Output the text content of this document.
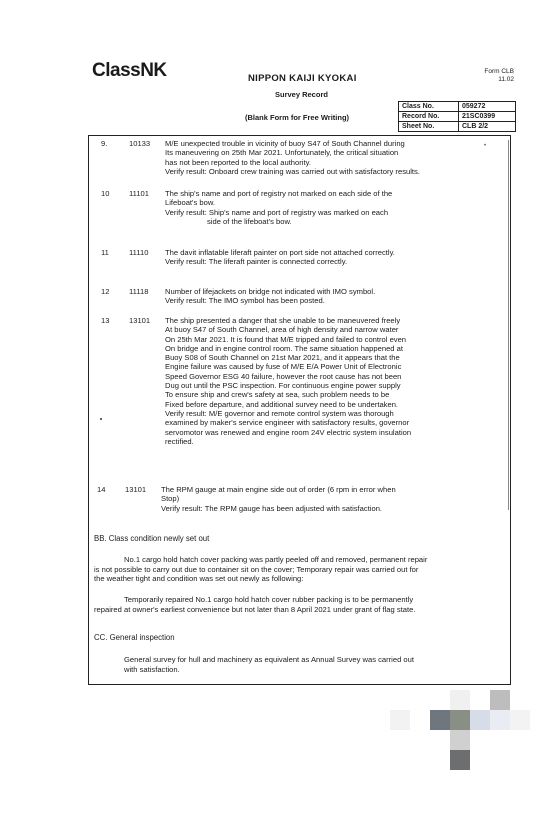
ClassNK	NIPPON KAIJI KYOKAI
Survey Record
(Blank Form for Free Writing)
Form CLB
11.02
Class No.	059272
Record No.	21SC0399
Sheet No.	CLB 2/2
•
9.	10133 M/E unexpected trouble in vicinity of buoy S47 of South Channel during
Its maneuvering on 25th Mar 2021. Unfortunately, the critical situation
has not been reported to the local authority.
Verify result: Onboard crew training was carried out with satisfactory results.
10	11101 The ship's name and port of registry not marked on each side of the
Lifeboat's bow.
Verify result: Ship's name and port of registry was marked on each
side of the lifeboat's bow.
11	11110 The davit inflatable liferaft painter on port side not attached correctly.
Verify result: The liferaft painter is connected correctly.
12	11118 Number of lifejackets on bridge not indicated with IMO symbol.
Verify result: The IMO symbol has been posted.
13	13101 The ship presented a danger that she unable to be maneuvered freely
At buoy S47 of South Channel, area of high density and narrow water
On 25th Mar 2021. It is found that M/E tripped and failed to control even
On bridge and in engine control room. The same situation happened at
Buoy S08 of South Channel on 21st Mar 2021, and it appears that the
Engine failure was caused by fuse of M/E E/A Power Unit of Electronic
Speed Governor ESG 40 failure, however the root cause has not been
Dug out until the PSC inspection. For continuous engine power supply
To ensure ship and crew's safety at sea, such problem needs to be
Fixed before departure, and additional survey need to be undertaken.
Verify result: M/E governor and remote control system was thorough
examined by maker's service engineer with satisfactory results, governor
servomotor was renewed and engine room 24V electric system insulation
rectified.
14	13101 The RPM gauge at main engine side out of order (6 rpm in error when
Stop)
Verify result: The RPM gauge has been adjusted with satisfaction.
BB. Class condition newly set out
No.1 cargo hold hatch cover packing was partly peeled off and removed, permanent repair
is not possible to carry out due to container sit on the cover; Temporary repair was carried out for
the weather tight and condition was set out newly as following:
Temporarily repaired No.1 cargo hold hatch cover rubber packing is to be permanently
repaired at owner's earliest convenience but not later than 8 April 2021 under grant of flag state.
CC. General inspection
General survey for hull and machinery as equivalent as Annual Survey was carried out
with satisfaction.
